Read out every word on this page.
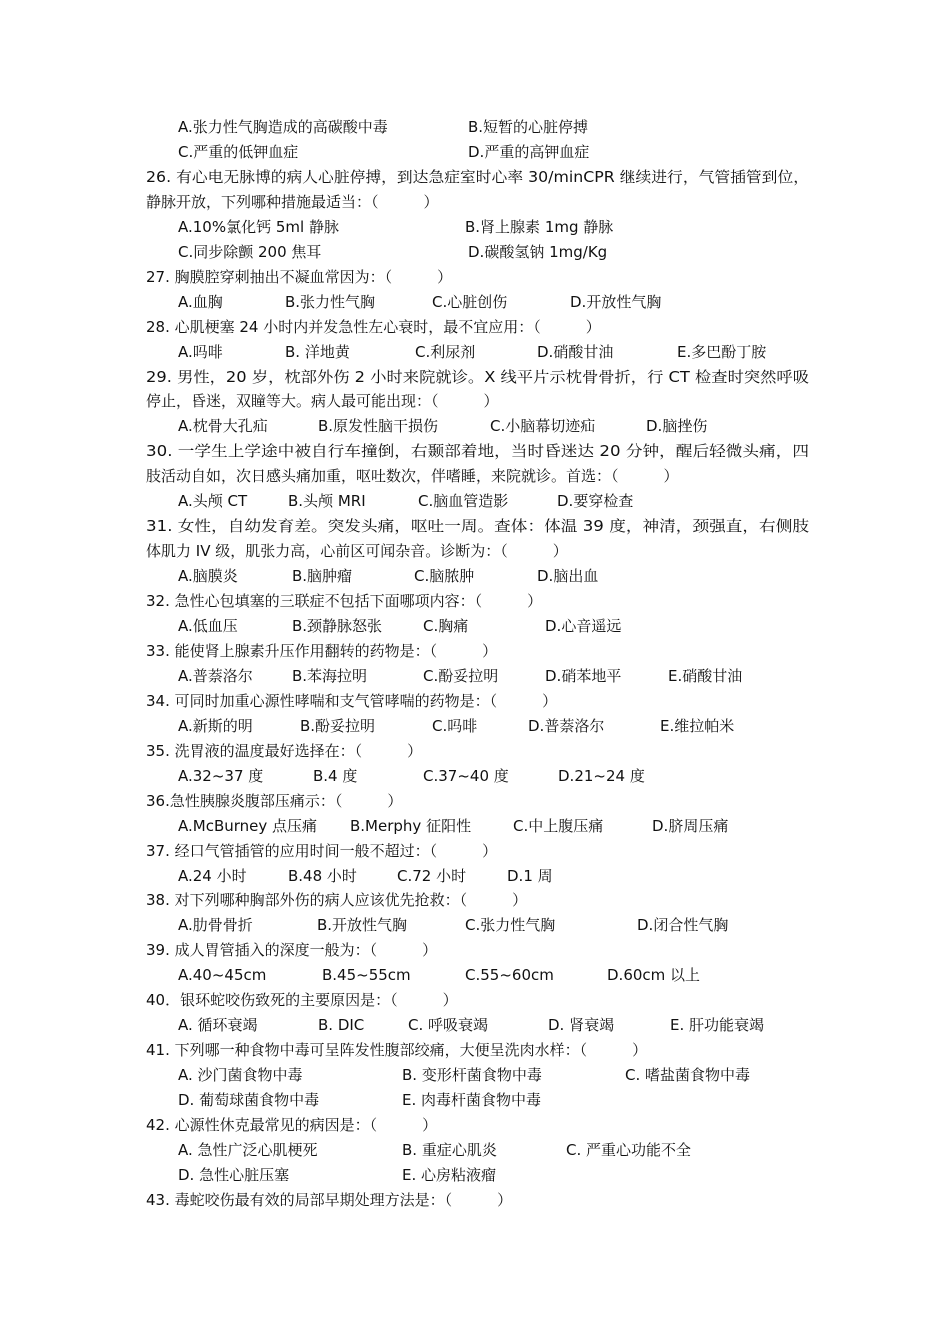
A.张力性气胸造成的高碳酸中毒	B.短暂的心脏停搏
C.严重的低钾血症	D.严重的高钾血症
26. 有心电无脉博的病人心脏停搏，到达急症室时心率 30/minCPR 继续进行，气管插管到位，
静脉开放，下列哪种措施最适当：（　　　）
A.10%氯化钙 5ml 静脉	B.肾上腺素 1mg 静脉
C.同步除颤 200 焦耳	D.碳酸氢钠 1mg/Kg
27. 胸膜腔穿刺抽出不凝血常因为：（　　　）
A.血胸	B.张力性气胸	C.心脏创伤	D.开放性气胸
28. 心肌梗塞 24 小时内并发急性左心衰时，最不宜应用：（　　　）
A.吗啡	B. 洋地黄	C.利尿剂	D.硝酸甘油	E.多巴酚丁胺
29. 男性，20 岁，枕部外伤 2 小时来院就诊。X 线平片示枕骨骨折，行 CT 检查时突然呼吸
停止，昏迷，双瞳等大。病人最可能出现：（　　　）
A.枕骨大孔疝	B.原发性脑干损伤	C.小脑幕切迹疝	D.脑挫伤
30. 一学生上学途中被自行车撞倒，右颞部着地，当时昏迷达 20 分钟，醒后轻微头痛，四
肢活动自如，次日感头痛加重，呕吐数次，伴嗜睡，来院就诊。首选：（　　　）
A.头颅 CT	B.头颅 MRI	C.脑血管造影	D.要穿检查
31. 女性，自幼发育差。突发头痛，呕吐一周。查体：体温 39 度，神清，颈强直，右侧肢
体肌力 IV 级，肌张力高，心前区可闻杂音。诊断为：（　　　）
A.脑膜炎	B.脑肿瘤	C.脑脓肿	D.脑出血
32. 急性心包填塞的三联症不包括下面哪项内容：（　　　）
A.低血压	B.颈静脉怒张	C.胸痛	D.心音遥远
33. 能使肾上腺素升压作用翻转的药物是：（　　　）
A.普萘洛尔	B.苯海拉明	C.酚妥拉明	D.硝苯地平	E.硝酸甘油
34. 可同时加重心源性哮喘和支气管哮喘的药物是：（　　　）
A.新斯的明	B.酚妥拉明	C.吗啡	D.普萘洛尔	E.维拉帕米
35. 洗胃液的温度最好选择在：（　　　）
A.32~37 度	B.4 度	C.37~40 度	D.21~24 度
36.急性胰腺炎腹部压痛示：（　　　）
A.McBurney 点压痛 B.Merphy 征阳性	C.中上腹压痛	D.脐周压痛
37. 经口气管插管的应用时间一般不超过：（　　　）
A.24 小时	B.48 小时	C.72 小时	D.1 周
38. 对下列哪种胸部外伤的病人应该优先抢救：（　　　）
A.肋骨骨折	B.开放性气胸	C.张力性气胸	D.闭合性气胸
39. 成人胃管插入的深度一般为：（　　　）
A.40~45cm	B.45~55cm	C.55~60cm	D.60cm 以上
40．银环蛇咬伤致死的主要原因是：（　　　）
A. 循环衰竭	B. DIC	C. 呼吸衰竭	D. 肾衰竭	E. 肝功能衰竭
41. 下列哪一种食物中毒可呈阵发性腹部绞痛，大便呈洗肉水样：（　　　）
A. 沙门菌食物中毒	B. 变形杆菌食物中毒	C. 嗜盐菌食物中毒
D. 葡萄球菌食物中毒	E. 肉毒杆菌食物中毒
42. 心源性休克最常见的病因是：（　　　）
A. 急性广泛心肌梗死	B. 重症心肌炎	C. 严重心功能不全
D. 急性心脏压塞	E. 心房粘液瘤
43. 毒蛇咬伤最有效的局部早期处理方法是：（　　　）
